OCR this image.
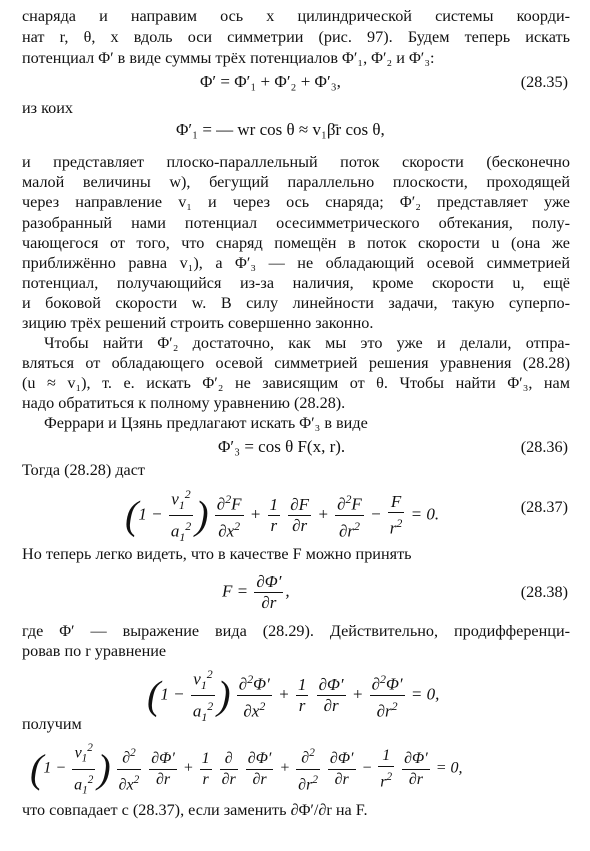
снаряда и направим ось x цилиндрической системы коорди-
нат r, θ, x вдоль оси симметрии (рис. 97). Будем теперь искать
потенциал Φ′ в виде суммы трёх потенциалов Φ′₁, Φ′₂ и Φ′₃:
Φ′ = Φ′₁ + Φ′₂ + Φ′₃,	(28.35)
из коих
Φ′₁ = — wr cos θ ≈ v₁β̄r cos θ,
и представляет плоско-параллельный поток скорости (бесконечно
малой величины w), бегущий параллельно плоскости, проходящей
через направление v₁ и через ось снаряда; Φ′₂ представляет уже
разобранный нами потенциал осесимметрического обтекания, полу-
чающегося от того, что снаряд помещён в поток скорости u (она же
приближённо равна v₁), а Φ′₃ — не обладающий осевой симметрией
потенциал, получающийся из-за наличия, кроме скорости u, ещё
и боковой скорости w. В силу линейности задачи, такую суперпо-
зицию трёх решений строить совершенно законно.
Чтобы найти Φ′₂ достаточно, как мы это уже и делали, отпра-
вляться от обладающего осевой симметрией решения уравнения (28.28)
(u ≈ v₁), т. е. искать Φ′₂ не зависящим от θ. Чтобы найти Φ′₃, нам
надо обратиться к полному уравнению (28.28).
Феррари и Цзянь предлагают искать Φ′₃ в виде
Φ′₃ = cos θ F(x, r).	(28.36)
Тогда (28.28) даст
($1 - \frac{v_1^2}{a_1^2}$ ) $\frac{\partial^2F}{\partial x^2} + \frac{1}{r}$
$\frac{\partial F}{\partial r} + \frac{\partial^2F}{\partial r^2} - \frac{F}{r^2} = 0$.	(28.37)
Но теперь легко видеть, что в качестве F можно принять
$F = \frac{\partial\Phi'}{\partial r}$ ,	(28.38)
где Φ′ — выражение вида (28.29). Действительно, продифференци-
ровав по r уравнение
($1 - \frac{v_1^2}{a_1^2}$ ) $\frac{\partial^2\Phi'}{\partial x^2} + \frac{1}{r}$
$\frac{\partial\Phi'}{\partial r} + \frac{\partial^2\Phi'}{\partial r^2} = 0$,
получим
($1 - \frac{v_1^2}{a_1^2}$ ) $\frac{\partial^2}{\partial x^2}$
$\frac{\partial\Phi'}{\partial r} + \frac{1}{r}$
$\frac{\partial}{\partial r}$
$\frac{\partial\Phi'}{\partial r} + \frac{\partial^2}{\partial r^2}$
$\frac{\partial\Phi'}{\partial r} - \frac{1}{r^2}$
$\frac{\partial\Phi'}{\partial r} = 0$,
что совпадает с (28.37), если заменить ∂Φ′/∂r на F.
